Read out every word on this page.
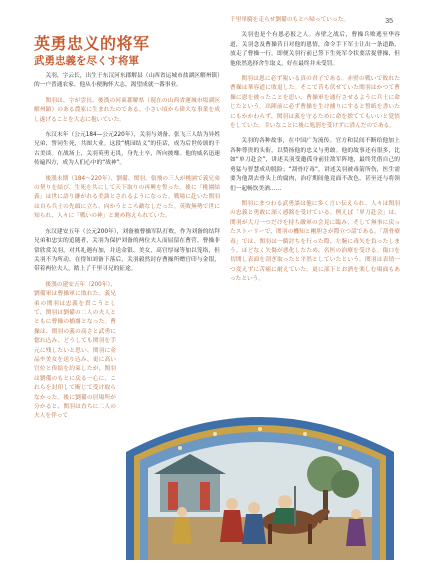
35
英勇忠义的将军
武勇忠義を尽くす将軍

关羽，字云长，出生于东汉河东郡解县（山西省运城市盐湖区解州镇）的一户普通农家。他从小便胸怀大志，渴望成就一番事业。

関羽は、字が雲長、後漢の河東郡解県（現在の山西省運城市塩湖区解州鎮）のある農家に生まれたのである。小さい頃から偉大な事業を成し遂げることを大志に抱いていた。

东汉末年（公元184—公元220年），关羽与刘备、张飞三人结为异姓兄弟，誓同生死，共图大业。这段“桃园结义”的佳话，成为后世传颂的千古美谈。在战场上，关羽英勇无畏，身先士卒，所向披靡。他的威名迅速传遍四方，成为人们心中的“战神”。

後漢末期（184〜220年）、劉備、関羽、張飛の三人が桃園で義兄弟の契りを結び、生死を共にして天下取りの再興を誓った。後に「桃園結義」は世に語り継がれる美談とされるようになった。戦場に赴いた関羽は自ら兵士の先頭に立ち、向かうところ敵なしだった。英敗無勢で世に知られ、人々に「戦いの神」と褒め称えられていた。

东汉建安五年（公元200年），刘备被曹操军队打败。作为刘备的结拜兄弟和忠实的追随者，关羽为保护刘备的两位夫人而屈留在曹营。曹操非常欣赏关羽，对其礼遇有加，并送金银、美女，高官厚禄等加以笼络，但关羽不为所动。在得知刘备下落后，关羽毅然封存曹操所赠官印与金银，带着两位夫人，踏上了千里寻兄的征途。

後漢の建安五年（200年）、劉備軍は曹操軍に敗れた。義兄弟の関羽は忠義を貫こうとして、関羽は劉備の二人の夫人とともに曹操の捕虜となった。曹操は、関羽の義の高さと武勇に惚れ込み、どうしても関羽を手元に残したいと思い、関羽に金品や美女を送り込み、更に高い官位と俸給を約束したが、関羽は劉備のもとに戻る一心に、これらを封印して断じて受け取らなかった。後に劉備の居場所が分かると、関羽は直ちに二人の夫人を伴って

千里単騎を走らせ劉備のもとへ帰っていった。

关羽也是个有恩必报之人。赤壁之战后，曹操兵败逃至华容道，关羽念及曹操昔日对他的恩情，命令手下军士让出一条道路，放走了曹操一行。即便关羽行前已签下生死军令状要活捉曹操，但他依然选择舍生取义，好在最终并未受罚。

関羽は恩に必ず報いる真の君子である。赤壁の戦いで敗れた曹操は華容道に敗退した。そこで昔も伏せていた関羽はかつて曹操に恩を被ったことを思い、曹操軍を通行させるように兵士に命じたという。出陣前に必ず曹操を生け捕りにすると誓紙を書いたにもかかわらず、関羽は義を守るために命を捨ててもいいと覚悟をしていた。幸いなことに後に処罰を受けずに済んだのである。

关羽的各种故事，在中国广为流传。官方和民间不断给他加上各种尊贵的头衔，以赞扬他的忠义与勇敢。他的故事还有很多，比如“单刀赴会”，讲述关羽受邀孤身前往敌军阵地，最终凭借自己的勇猛与智慧成功脱险；“刮骨疗毒”，讲述关羽被毒箭所伤，医生需要为他刮去骨头上的腐肉，治疗期间他竟面不改色，甚至还与将领们一起畅饮美酒……

関羽にまつわる武勇談は他に多く言い伝えられ、人々は関羽の忠義と勇敢に深く感銘を受けている。例えば「単刀赴会」は、関羽が大刀一つだけを持ち敵軍の会見に臨み、そして無事に戻ったストーリーで、関羽の機知と剛胆さが際立つ話である。「刮骨療毒」では、関羽は一騎討ちを行った際、左腕に毒矢を負ったしまう。ほどなく矢傷が悪化したため、名医の治療を受ける。傷口を切開し表面を刮ぎ取ったと平然としていたという。関羽は表情一つ変えずに苦痛に耐えていた。更に部下とお酒を楽しむ場面もあったという。
